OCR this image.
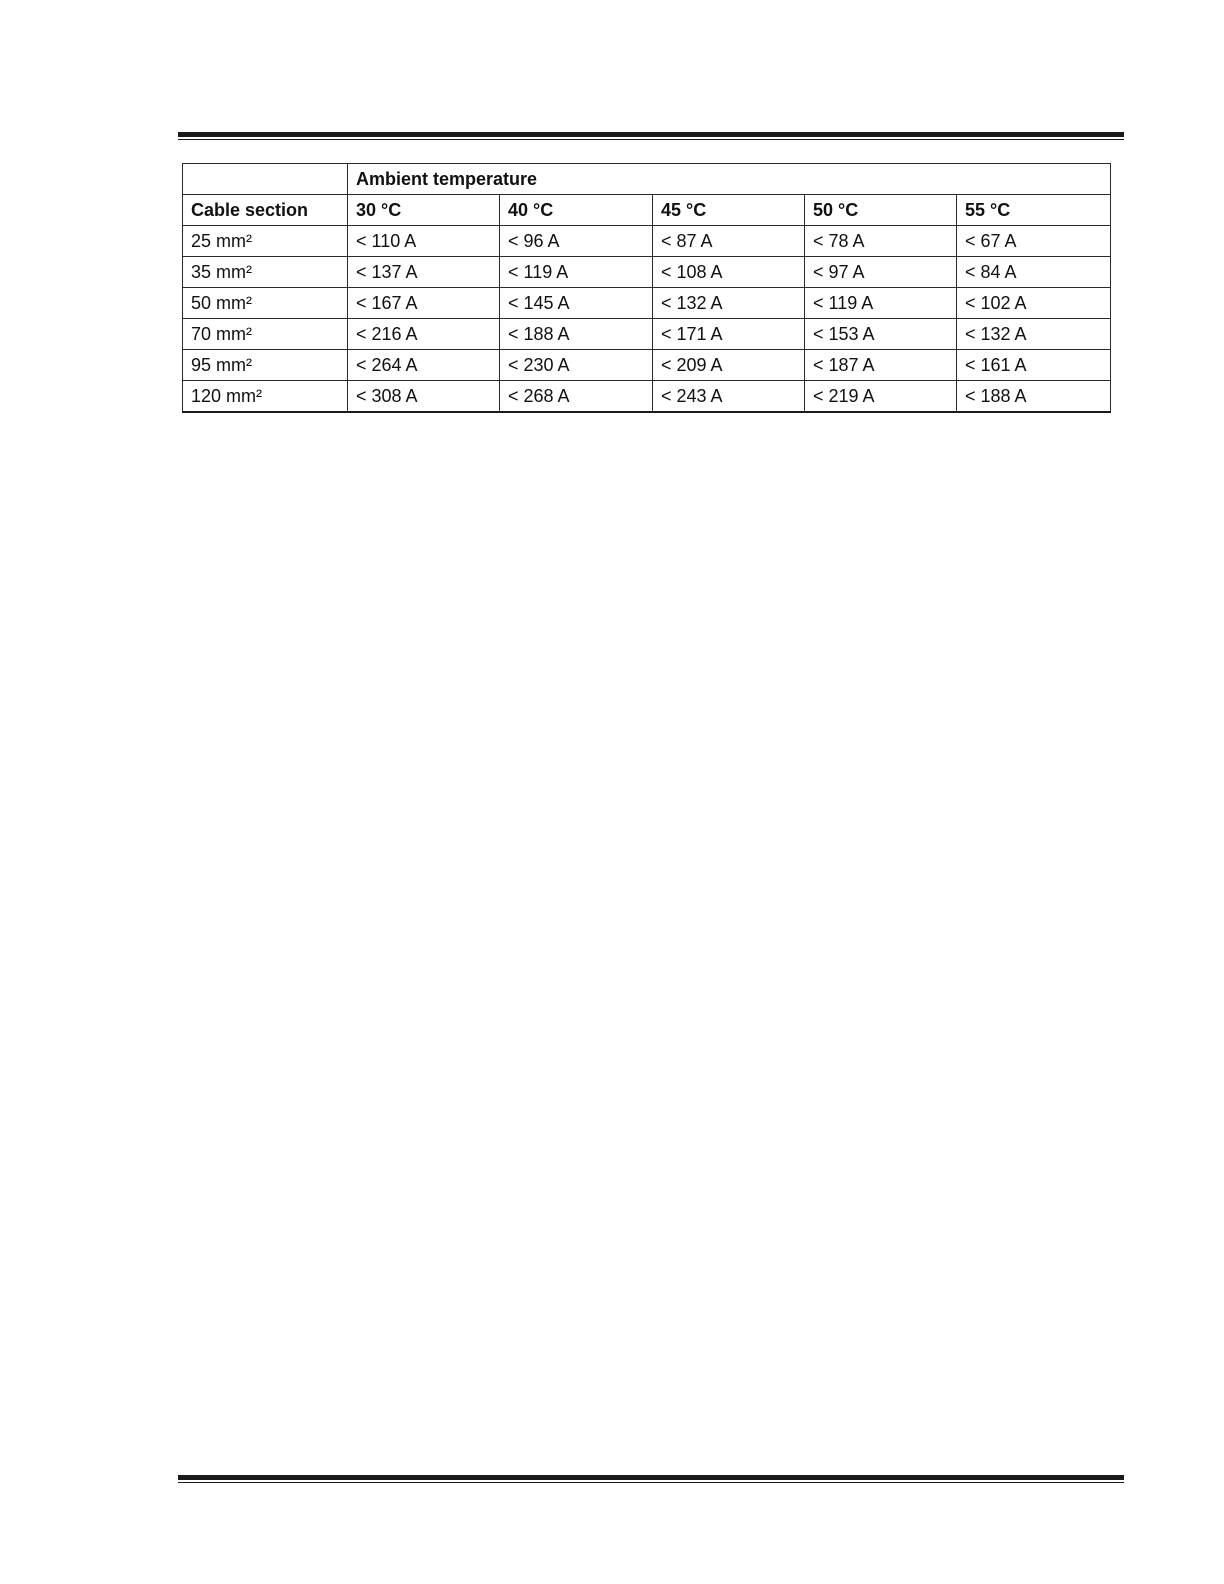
	Ambient temperature				
Cable section	30 °C	40 °C	45 °C	50 °C	55 °C
25 mm²	< 110 A	< 96 A	< 87 A	< 78 A	< 67 A
35 mm²	< 137 A	< 119 A	< 108 A	< 97 A	< 84 A
50 mm²	< 167 A	< 145 A	< 132 A	< 119 A	< 102 A
70 mm²	< 216 A	< 188 A	< 171 A	< 153 A	< 132 A
95 mm²	< 264 A	< 230 A	< 209 A	< 187 A	< 161 A
120 mm²	< 308 A	< 268 A	< 243 A	< 219 A	< 188 A
